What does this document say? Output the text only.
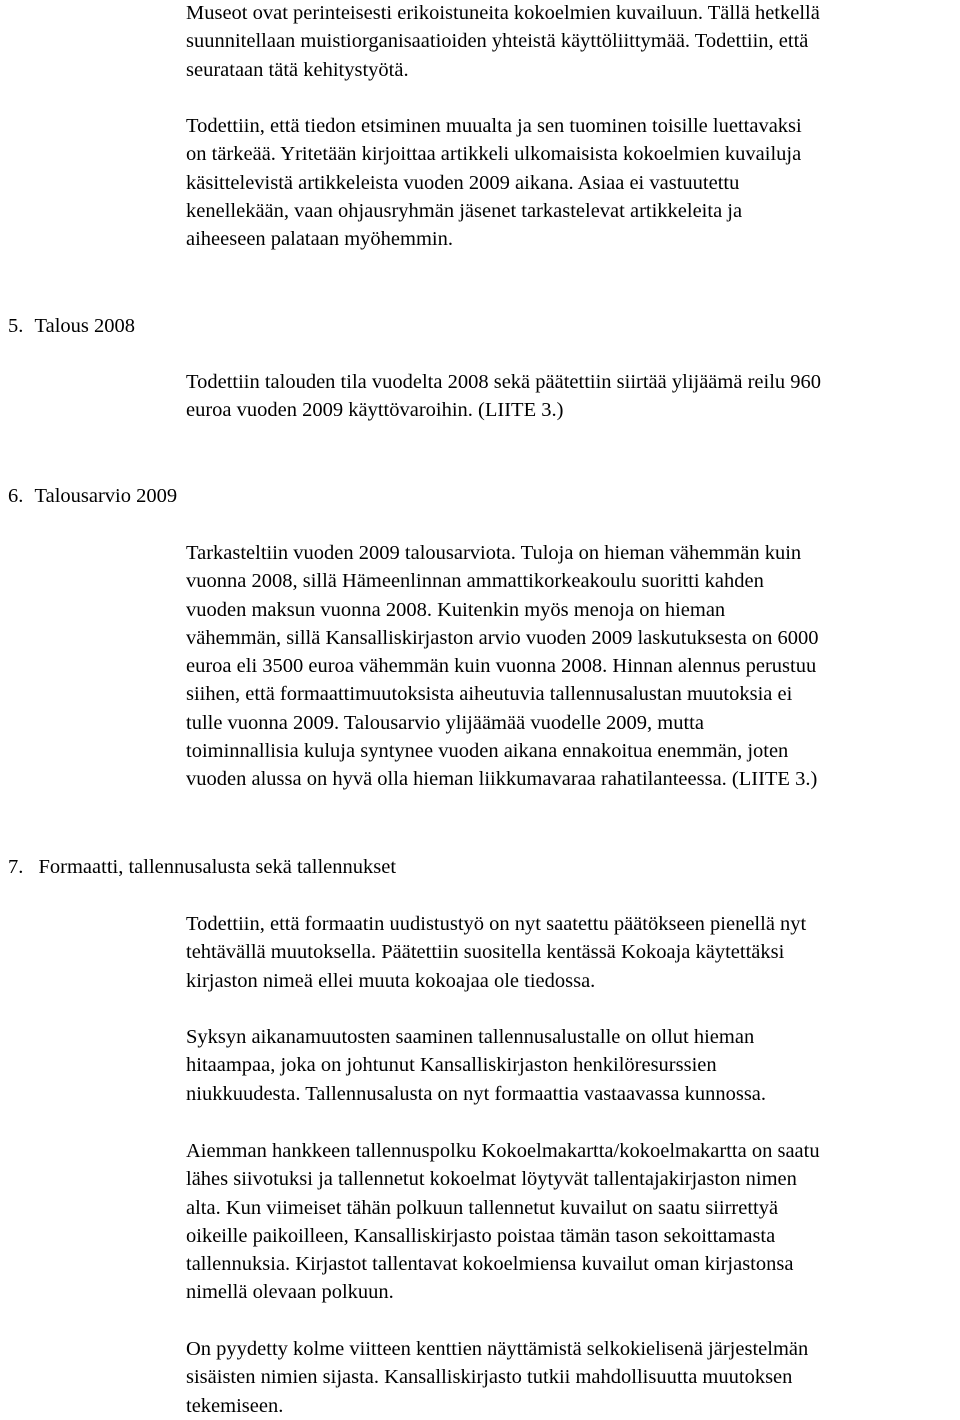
Museot ovat perinteisesti erikoistuneita kokoelmien kuvailuun. Tällä hetkellä
suunnitellaan muistiorganisaatioiden yhteistä käyttöliittymää. Todettiin, että
seurataan tätä kehitystyötä.
Todettiin, että tiedon etsiminen muualta ja sen tuominen toisille luettavaksi
on tärkeää. Yritetään kirjoittaa artikkeli ulkomaisista kokoelmien kuvailuja
käsittelevistä artikkeleista vuoden 2009 aikana. Asiaa ei vastuutettu
kenellekään, vaan ohjausryhmän jäsenet tarkastelevat artikkeleita ja
aiheeseen palataan myöhemmin.
5. Talous 2008
Todettiin talouden tila vuodelta 2008 sekä päätettiin siirtää ylijäämä reilu 960
euroa vuoden 2009 käyttövaroihin. (LIITE 3.)
6. Talousarvio 2009
Tarkasteltiin vuoden 2009 talousarviota. Tuloja on hieman vähemmän kuin
vuonna 2008, sillä Hämeenlinnan ammattikorkeakoulu suoritti kahden
vuoden maksun vuonna 2008. Kuitenkin myös menoja on hieman
vähemmän, sillä Kansalliskirjaston arvio vuoden 2009 laskutuksesta on 6000
euroa eli 3500 euroa vähemmän kuin vuonna 2008. Hinnan alennus perustuu
siihen, että formaattimuutoksista aiheutuvia tallennusalustan muutoksia ei
tulle vuonna 2009. Talousarvio ylijäämää vuodelle 2009, mutta
toiminnallisia kuluja syntynee vuoden aikana ennakoitua enemmän, joten
vuoden alussa on hyvä olla hieman liikkumavaraa rahatilanteessa. (LIITE 3.)
7. Formaatti, tallennusalusta sekä tallennukset
Todettiin, että formaatin uudistustyö on nyt saatettu päätökseen pienellä nyt
tehtävällä muutoksella. Päätettiin suositella kentässä Kokoaja käytettäksi
kirjaston nimeä ellei muuta kokoajaa ole tiedossa.
Syksyn aikanamuutosten saaminen tallennusalustalle on ollut hieman
hitaampaa, joka on johtunut Kansalliskirjaston henkilöresurssien
niukkuudesta. Tallennusalusta on nyt formaattia vastaavassa kunnossa.
Aiemman hankkeen tallennuspolku Kokoelmakartta/kokoelmakartta on saatu
lähes siivotuksi ja tallennetut kokoelmat löytyvät tallentajakirjaston nimen
alta. Kun viimeiset tähän polkuun tallennetut kuvailut on saatu siirrettyä
oikeille paikoilleen, Kansalliskirjasto poistaa tämän tason sekoittamasta
tallennuksia. Kirjastot tallentavat kokoelmiensa kuvailut oman kirjastonsa
nimellä olevaan polkuun.
On pyydetty kolme viitteen kenttien näyttämistä selkokielisenä järjestelmän
sisäisten nimien sijasta. Kansalliskirjasto tutkii mahdollisuutta muutoksen
tekemiseen.
